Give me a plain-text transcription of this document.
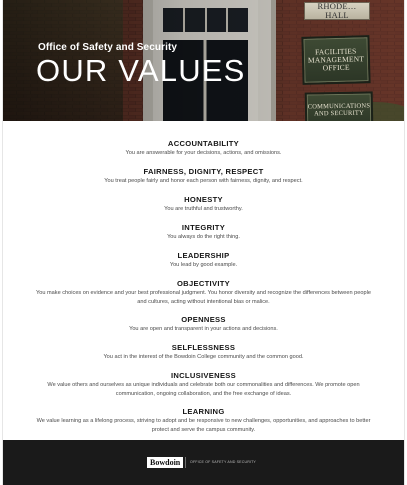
RHODE… HALL
FACILITIES MANAGEMENT OFFICE
COMMUNICATIONS AND SECURITY
Office of Safety and Security
OUR VALUES
ACCOUNTABILITY
You are answerable for your decisions, actions, and omissions.
FAIRNESS, DIGNITY, RESPECT
You treat people fairly and honor each person with fairness, dignity, and respect.
HONESTY
You are truthful and trustworthy.
INTEGRITY
You always do the right thing.
LEADERSHIP
You lead by good example.
OBJECTIVITY
You make choices on evidence and your best professional judgment. You honor diversity and recognize the differences between people and cultures, acting without intentional bias or malice.
OPENNESS
You are open and transparent in your actions and decisions.
SELFLESSNESS
You act in the interest of the Bowdoin College community and the common good.
INCLUSIVENESS
We value others and ourselves as unique individuals and celebrate both our commonalities and differences. We promote open communication, ongoing collaboration, and the free exchange of ideas.
LEARNING
We value learning as a lifelong process, striving to adopt and be responsive to new challenges, opportunities, and approaches to better protect and serve the campus community.
Bowdoin	OFFICE OF SAFETY AND SECURITY
